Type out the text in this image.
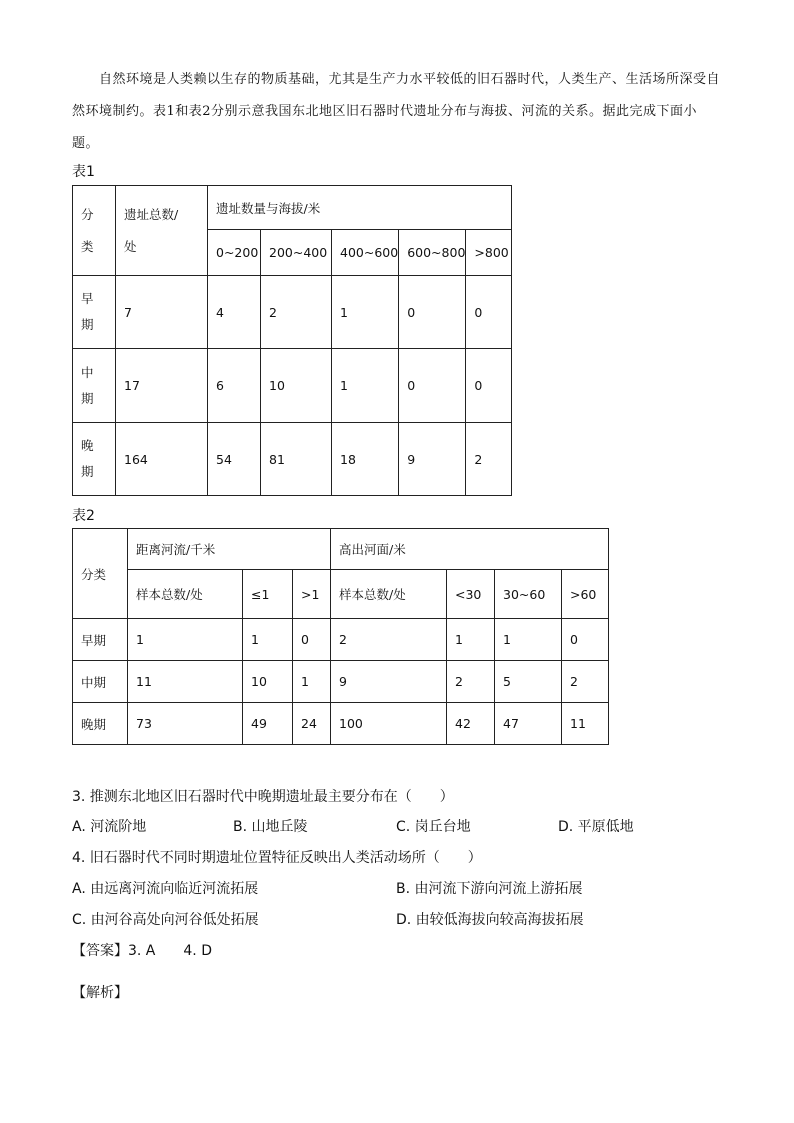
自然环境是人类赖以生存的物质基础，尤其是生产力水平较低的旧石器时代，人类生产、生活场所深受自然环境制约。表1和表2分别示意我国东北地区旧石器时代遗址分布与海拔、河流的关系。据此完成下面小题。
表1
分类	遗址总数/处	遗址数量与海拔/米				
		0~200	200~400	400~600	600~800	>800
早期	7	4	2	1	0	0
中期	17	6	10	1	0	0
晚期	164	54	81	18	9	2
表2
分类	距离河流/千米			高出河面/米			
	样本总数/处	≤1	>1	样本总数/处	<30	30~60	>60
早期	1	1	0	2	1	1	0
中期	11	10	1	9	2	5	2
晚期	73	49	24	100	42	47	11
3. 推测东北地区旧石器时代中晚期遗址最主要分布在（　　）
A. 河流阶地	B. 山地丘陵	C. 岗丘台地	D. 平原低地
4. 旧石器时代不同时期遗址位置特征反映出人类活动场所（　　）
A. 由远离河流向临近河流拓展	B. 由河流下游向河流上游拓展
C. 由河谷高处向河谷低处拓展	D. 由较低海拔向较高海拔拓展
【答案】3. A　　4. D
【解析】
